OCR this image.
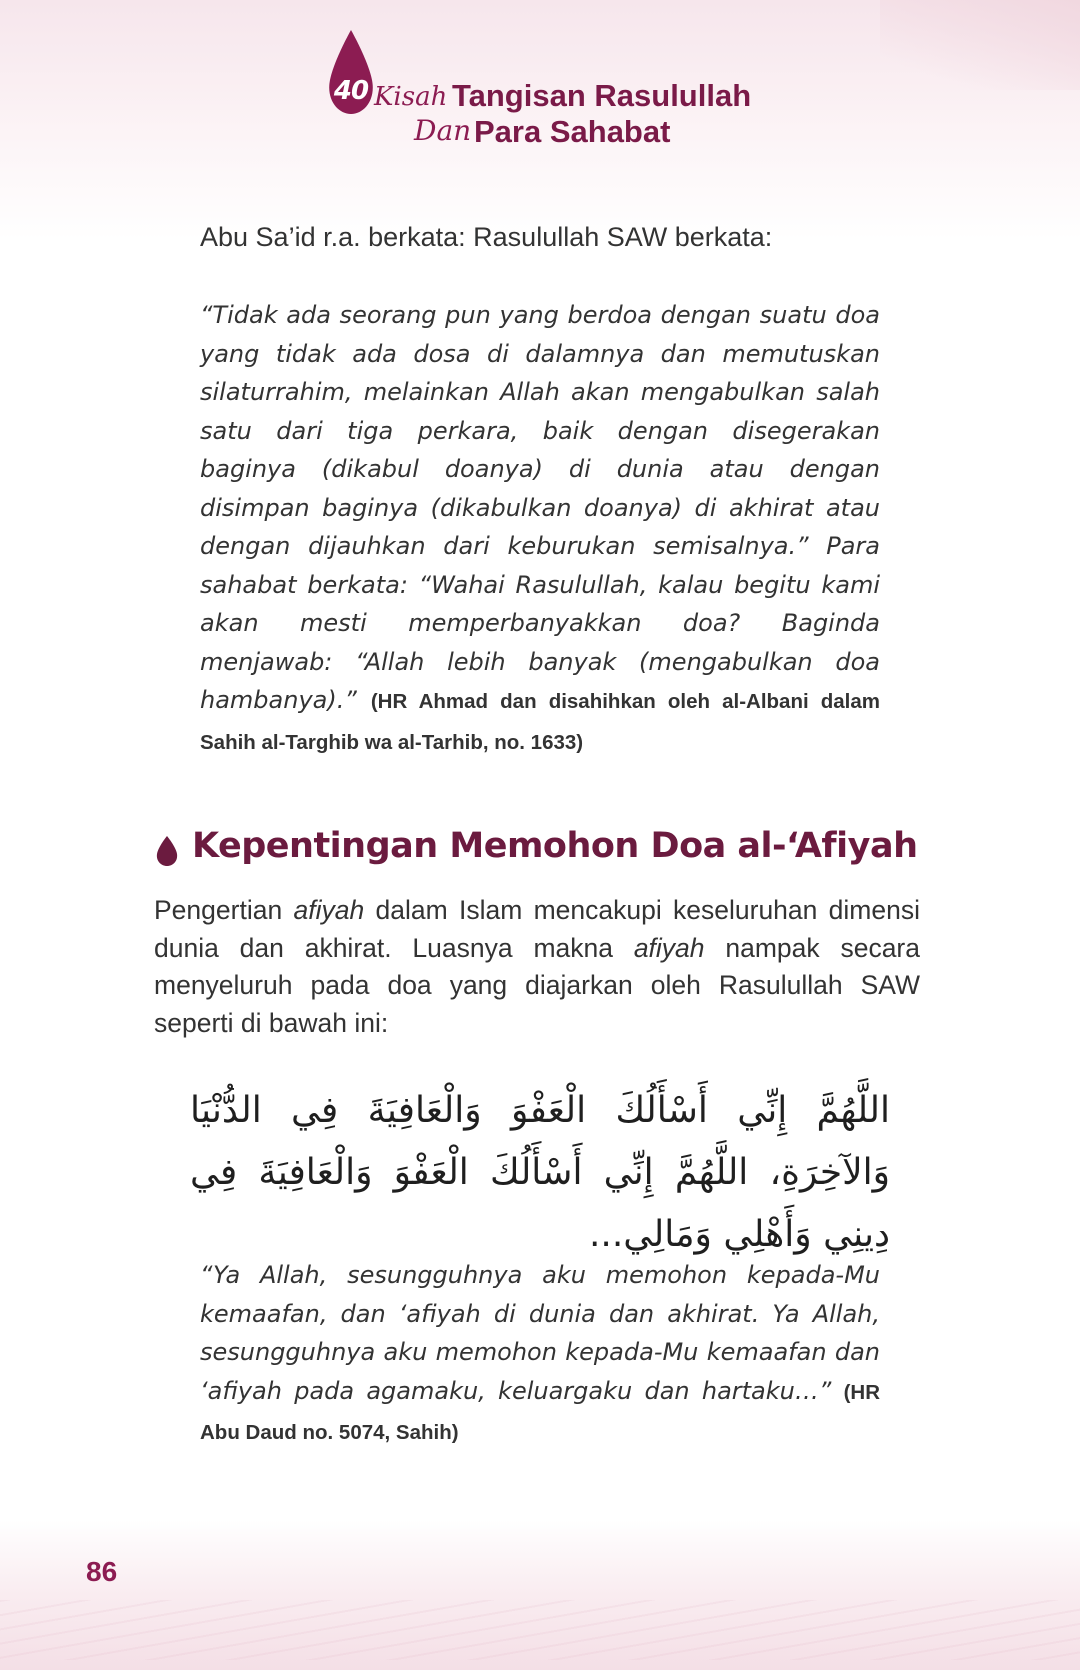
40 Kisah Tangisan Rasulullah
Dan Para Sahabat
Abu Sa’id r.a. berkata: Rasulullah SAW berkata:
“Tidak ada seorang pun yang berdoa dengan suatu doa yang tidak ada dosa di dalamnya dan memutuskan silaturrahim, melainkan Allah akan mengabulkan salah satu dari tiga perkara, baik dengan disegerakan baginya (dikabul doanya) di dunia atau dengan disimpan baginya (dikabulkan doanya) di akhirat atau dengan dijauhkan dari keburukan semisalnya.” Para sahabat berkata: “Wahai Rasulullah, kalau begitu kami akan mesti memperbanyakkan doa? Baginda menjawab: “Allah lebih banyak (mengabulkan doa hambanya).” (HR Ahmad dan disahihkan oleh al-Albani dalam Sahih al-Targhib wa al-Tarhib, no. 1633)
Kepentingan Memohon Doa al-‘Afiyah
Pengertian afiyah dalam Islam mencakupi keseluruhan dimensi dunia dan akhirat. Luasnya makna afiyah nampak secara menyeluruh pada doa yang diajarkan oleh Rasulullah SAW seperti di bawah ini:
اللَّهُمَّ إِنِّي أَسْأَلُكَ الْعَفْوَ وَالْعَافِيَةَ فِي الدُّنْيَا وَالآخِرَةِ، اللَّهُمَّ إِنِّي أَسْأَلُكَ الْعَفْوَ وَالْعَافِيَةَ فِي دِينِي وَأَهْلِي وَمَالِي...
“Ya Allah, sesungguhnya aku memohon kepada-Mu kemaafan, dan ‘afiyah di dunia dan akhirat. Ya Allah, sesungguhnya aku memohon kepada-Mu kemaafan dan ‘afiyah pada agamaku, keluargaku dan hartaku…” (HR Abu Daud no. 5074, Sahih)
86
